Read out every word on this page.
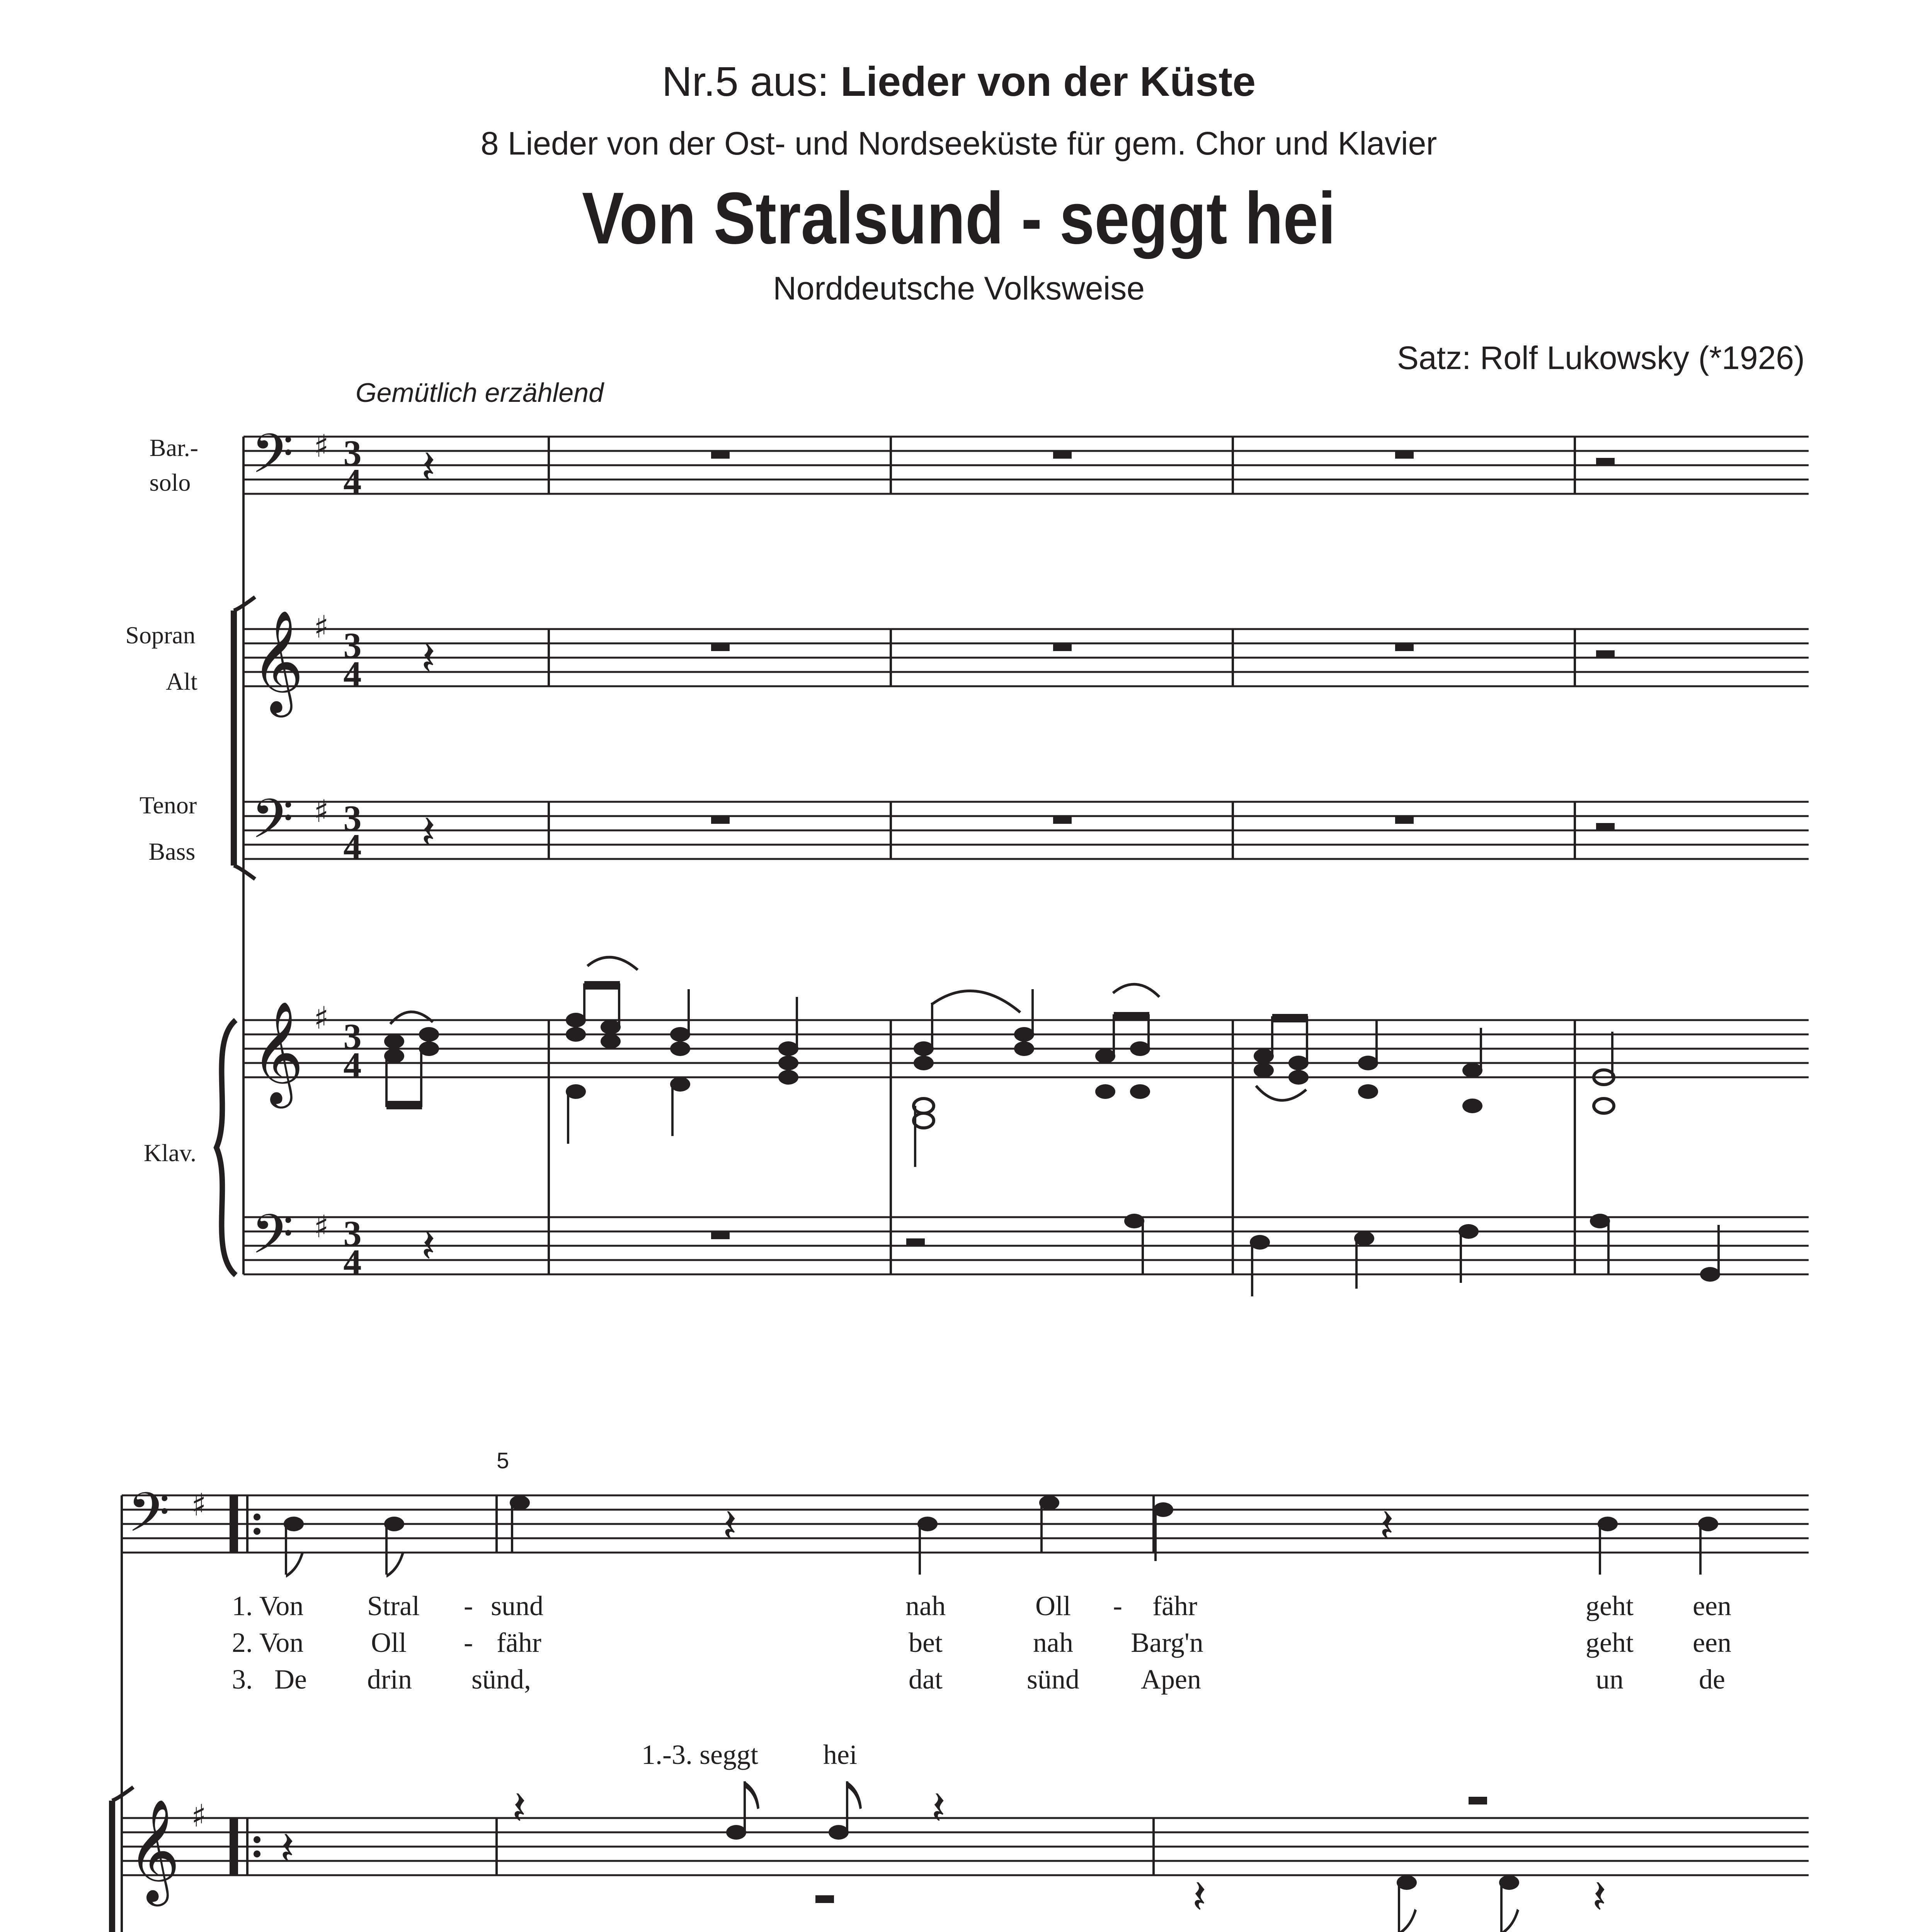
Nr.5 aus: Lieder von der Küste
8 Lieder von der Ost- und Nordseeküste für gem. Chor und Klavier
Von Stralsund - seggt hei
Norddeutsche Volksweise
Satz: Rolf Lukowsky (*1926)
Gemütlich erzählend
Bar.-
solo
Sopran
Alt
Tenor
Bass
Klav.
𝄢
𝄢
𝄢
𝄞
𝄞
♯
♯
♯
♯
♯
3
4
3
4
3
4
3
4
3
4
𝄽
𝄽
𝄽
𝄽
5
𝄢
𝄞
♯
♯
𝄽	𝄽
𝄽
𝄽	𝄽
𝄽	𝄽
1. Von Stral - sund	nah	Oll - fähr	geht een
2. Von Oll - fähr	bet	nah Barg'n	geht een
3. De drin sünd,	dat	sünd Apen	un	de
1.-3. seggt hei
